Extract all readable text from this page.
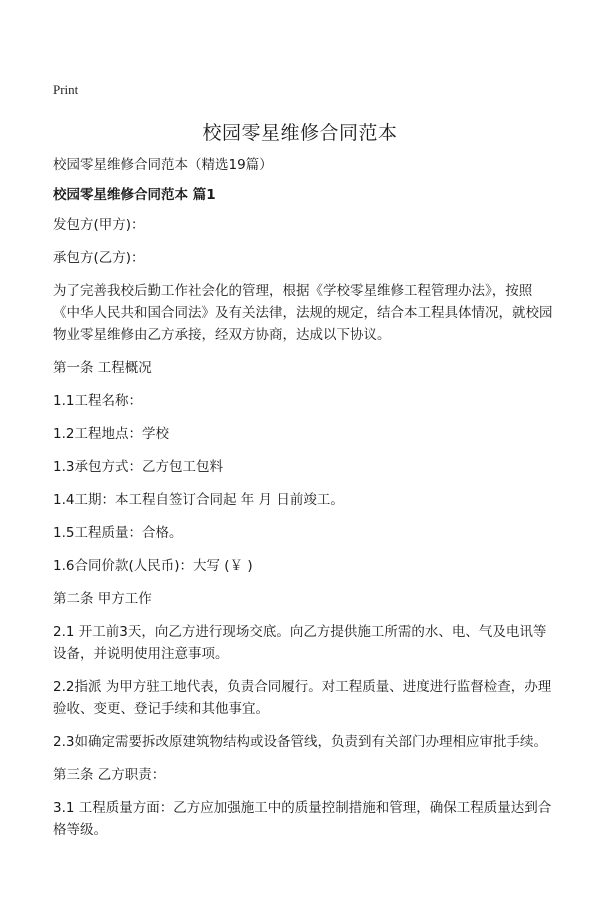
Print
校园零星维修合同范本

校园零星维修合同范本（精选19篇）

校园零星维修合同范本 篇1

发包方(甲方)：

承包方(乙方)：

为了完善我校后勤工作社会化的管理，根据《学校零星维修工程管理办法》，按照《中华人民共和国合同法》及有关法律，法规的规定，结合本工程具体情况，就校园物业零星维修由乙方承接，经双方协商，达成以下协议。

第一条 工程概况

1.1工程名称：

1.2工程地点：学校

1.3承包方式：乙方包工包料

1.4工期：本工程自签订合同起 年 月 日前竣工。

1.5工程质量：合格。

1.6合同价款(人民币)：大写 (￥ )

第二条 甲方工作

2.1 开工前3天，向乙方进行现场交底。向乙方提供施工所需的水、电、气及电讯等设备，并说明使用注意事项。

2.2指派 为甲方驻工地代表，负责合同履行。对工程质量、进度进行监督检查，办理验收、变更、登记手续和其他事宜。

2.3如确定需要拆改原建筑物结构或设备管线，负责到有关部门办理相应审批手续。

第三条 乙方职责：

3.1 工程质量方面：乙方应加强施工中的质量控制措施和管理，确保工程质量达到合格等级。
